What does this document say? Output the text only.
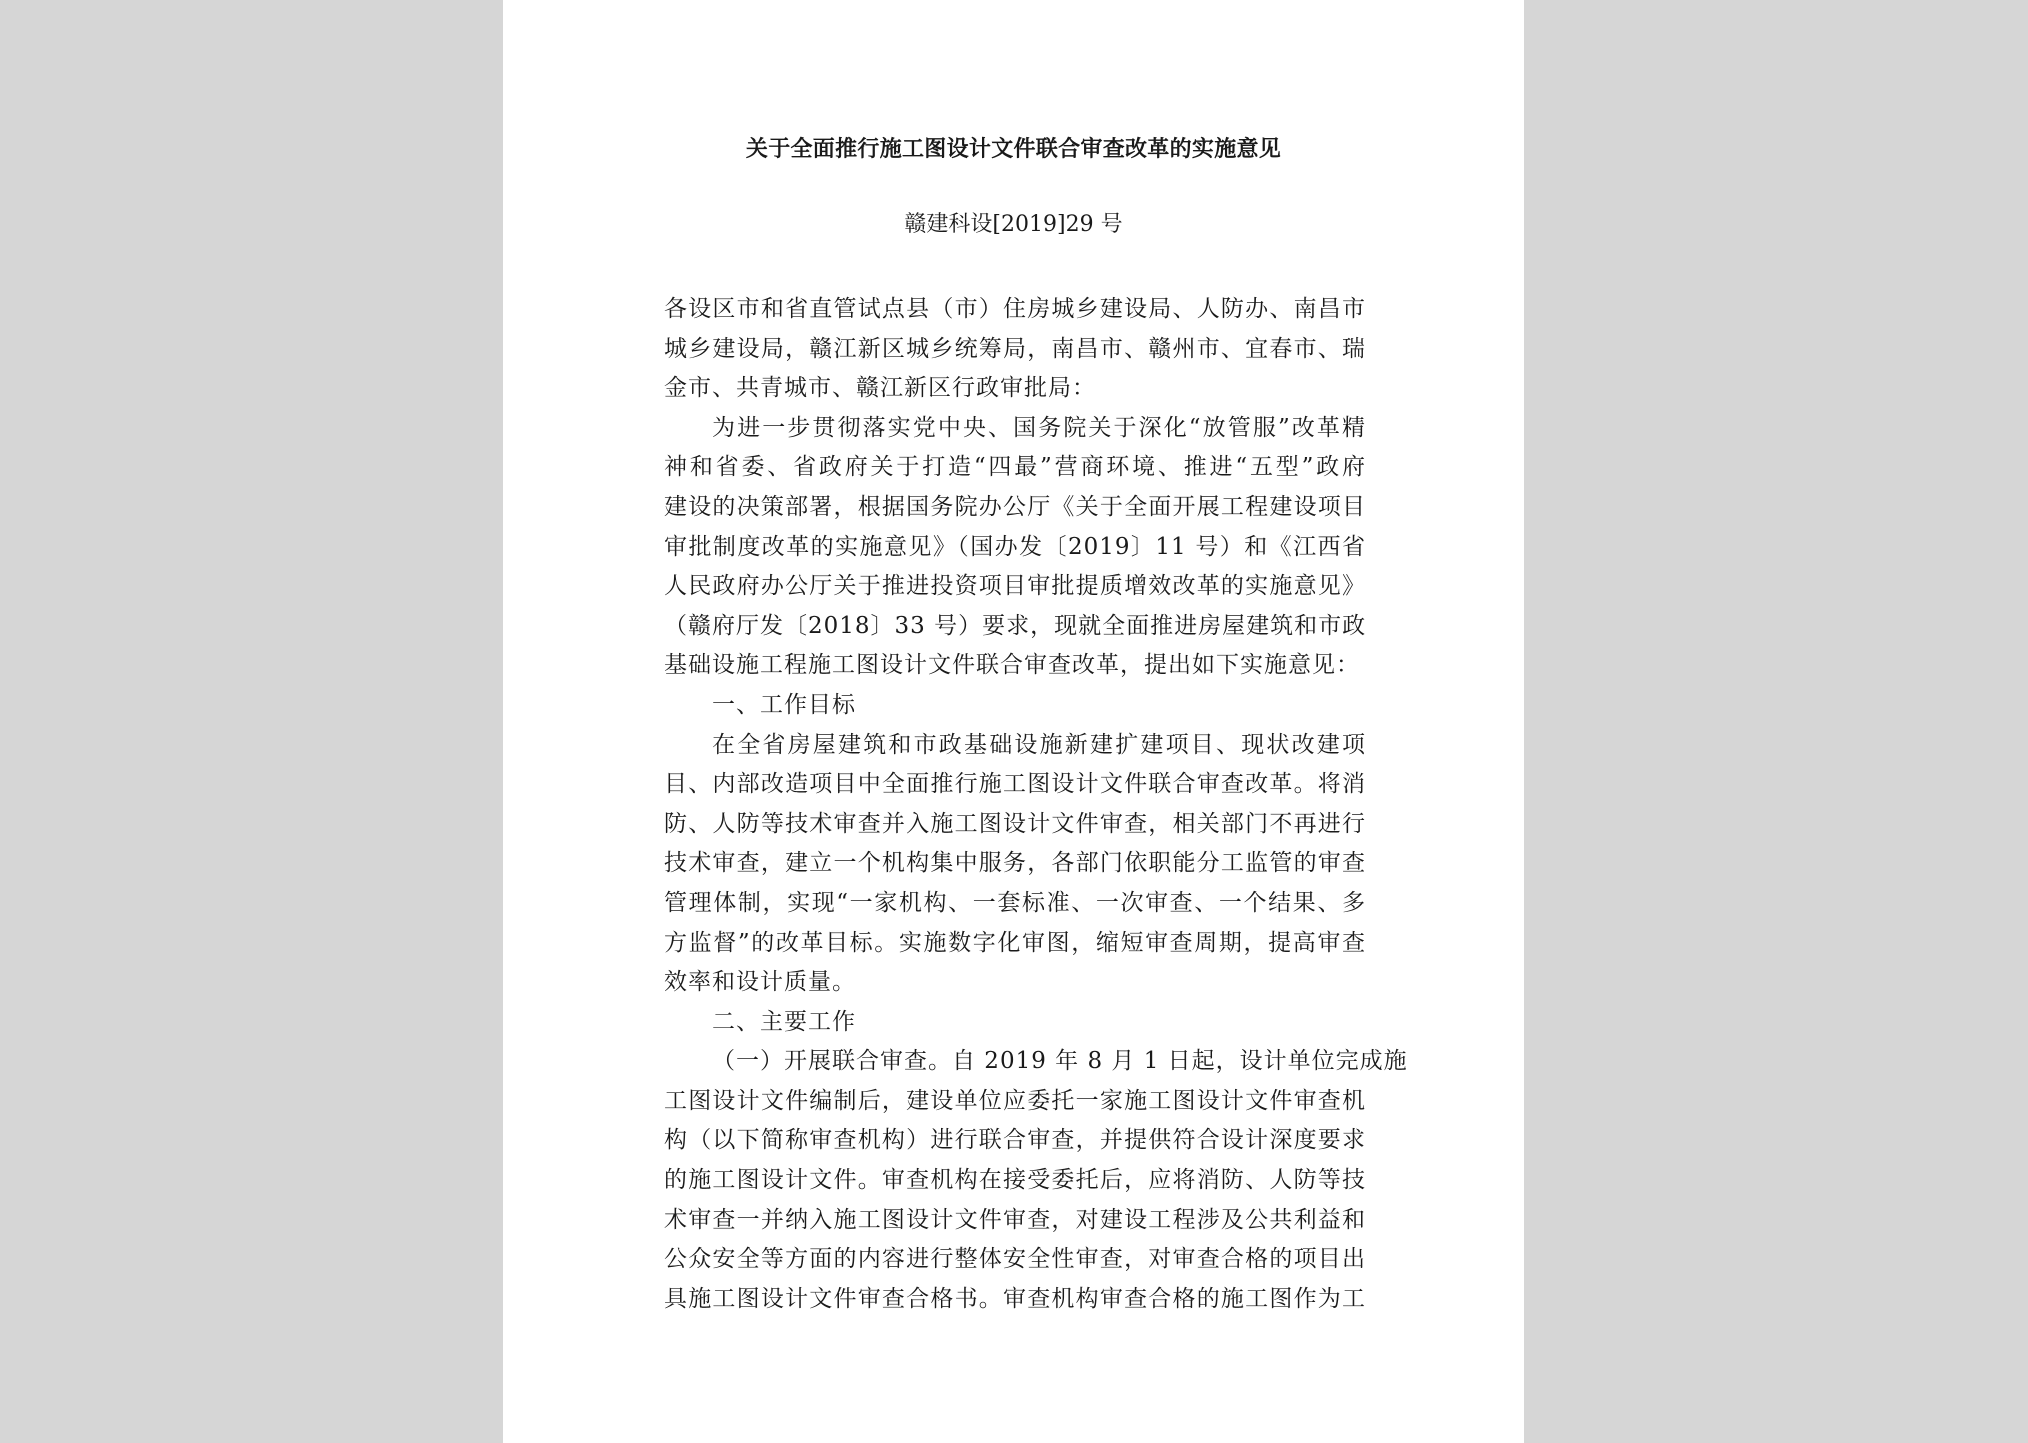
关于全面推行施工图设计文件联合审查改革的实施意见
赣建科设[2019]29 号
各设区市和省直管试点县（市）住房城乡建设局、人防办、南昌市
城乡建设局，赣江新区城乡统筹局，南昌市、赣州市、宜春市、瑞
金市、共青城市、赣江新区行政审批局：
为进一步贯彻落实党中央、国务院关于深化“放管服”改革精
神和省委、省政府关于打造“四最”营商环境、推进“五型”政府
建设的决策部署，根据国务院办公厅《关于全面开展工程建设项目
审批制度改革的实施意见》（国办发〔2019〕11 号）和《江西省
人民政府办公厅关于推进投资项目审批提质增效改革的实施意见》
（赣府厅发〔2018〕33 号）要求，现就全面推进房屋建筑和市政
基础设施工程施工图设计文件联合审查改革，提出如下实施意见：
一、工作目标
在全省房屋建筑和市政基础设施新建扩建项目、现状改建项
目、内部改造项目中全面推行施工图设计文件联合审查改革。将消
防、人防等技术审查并入施工图设计文件审查，相关部门不再进行
技术审查，建立一个机构集中服务，各部门依职能分工监管的审查
管理体制，实现“一家机构、一套标准、一次审查、一个结果、多
方监督”的改革目标。实施数字化审图，缩短审查周期，提高审查
效率和设计质量。
二、主要工作
（一）开展联合审查。自 2019 年 8 月 1 日起，设计单位完成施
工图设计文件编制后，建设单位应委托一家施工图设计文件审查机
构（以下简称审查机构）进行联合审查，并提供符合设计深度要求
的施工图设计文件。审查机构在接受委托后，应将消防、人防等技
术审查一并纳入施工图设计文件审查，对建设工程涉及公共利益和
公众安全等方面的内容进行整体安全性审查，对审查合格的项目出
具施工图设计文件审查合格书。审查机构审查合格的施工图作为工
